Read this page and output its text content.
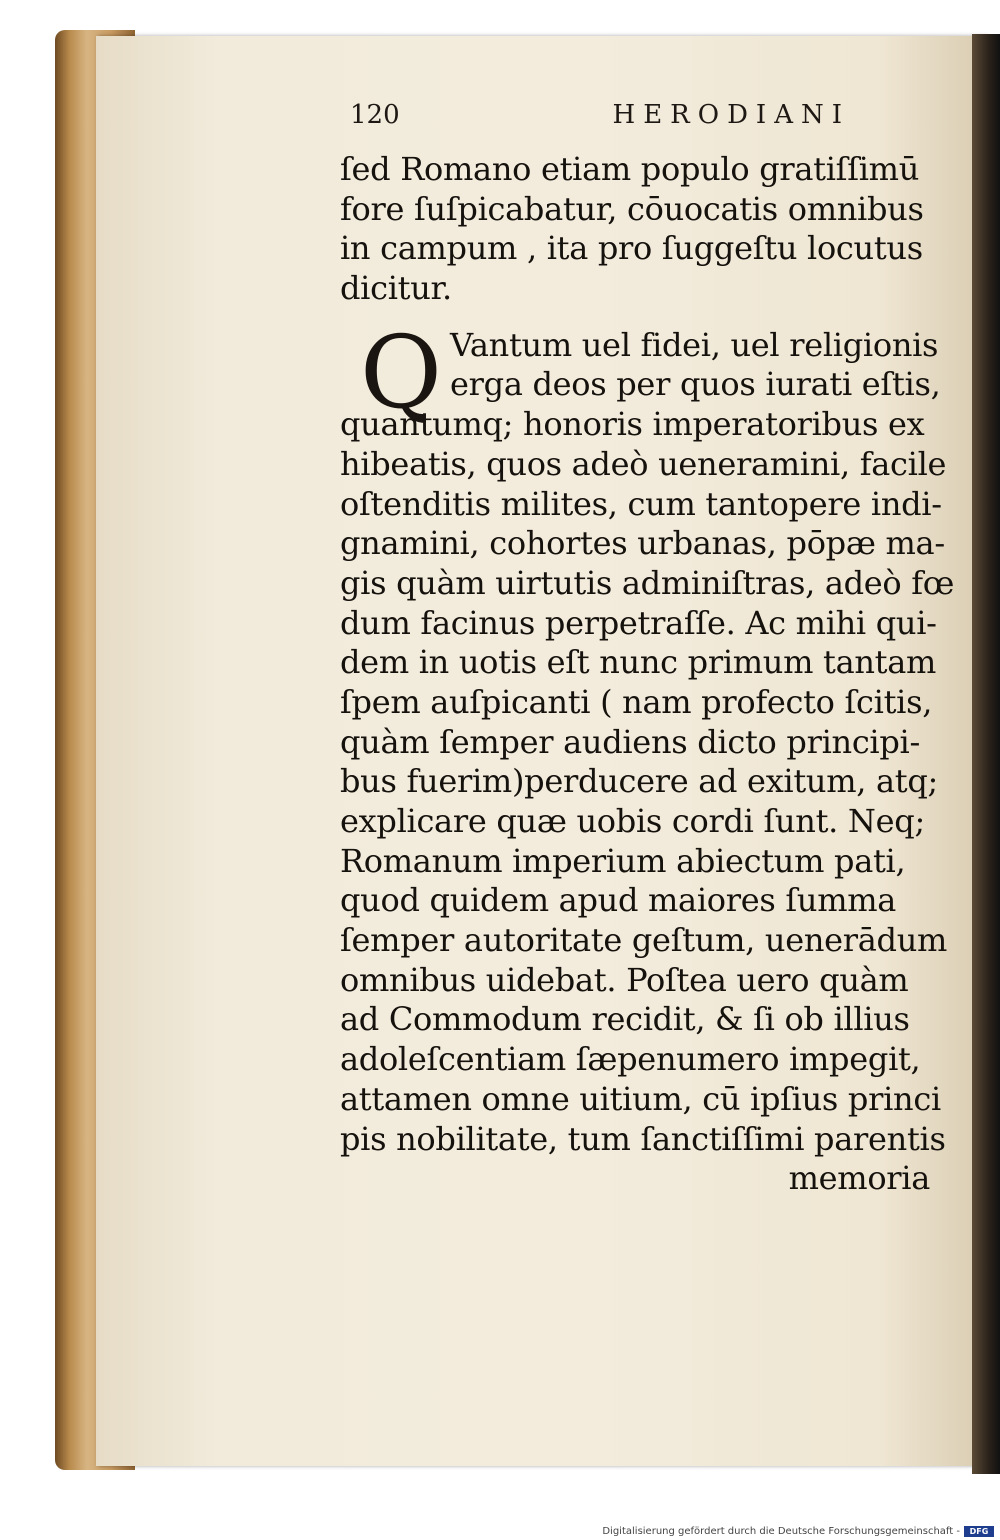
120	HERODIANI
ſed Romano etiam populo gratiſſimū
fore ſuſpicabatur, cōuocatis omnibus
in campum , ita pro ſuggeſtu locutus
dicitur.
Vantum uel fidei, uel religionis
erga deos per quos iurati eſtis,
quantumq; honoris imperatoribus ex
hibeatis, quos adeò ueneramini, facile
oſtenditis milites, cum tantopere indi-
gnamini, cohortes urbanas, pōpæ ma-
gis quàm uirtutis adminiſtras, adeò fœ
dum facinus perpetraſſe. Ac mihi qui-
dem in uotis eſt nunc primum tantam
ſpem auſpicanti ( nam profecto ſcitis,
quàm ſemper audiens dicto principi-
bus fuerim)perducere ad exitum, atq;
explicare quæ uobis cordi ſunt. Neq;
Romanum imperium abiectum pati,
quod quidem apud maiores ſumma
ſemper autoritate geſtum, uenerādum
omnibus uidebat. Poſtea uero quàm
ad Commodum recidit, & ſi ob illius
adoleſcentiam ſæpenumero impegit,
attamen omne uitium, cū ipſius princi
pis nobilitate, tum ſanctiſſimi parentis
memoria
Q
Digitalisierung gefördert durch die Deutsche Forschungsgemeinschaft -	DFG
